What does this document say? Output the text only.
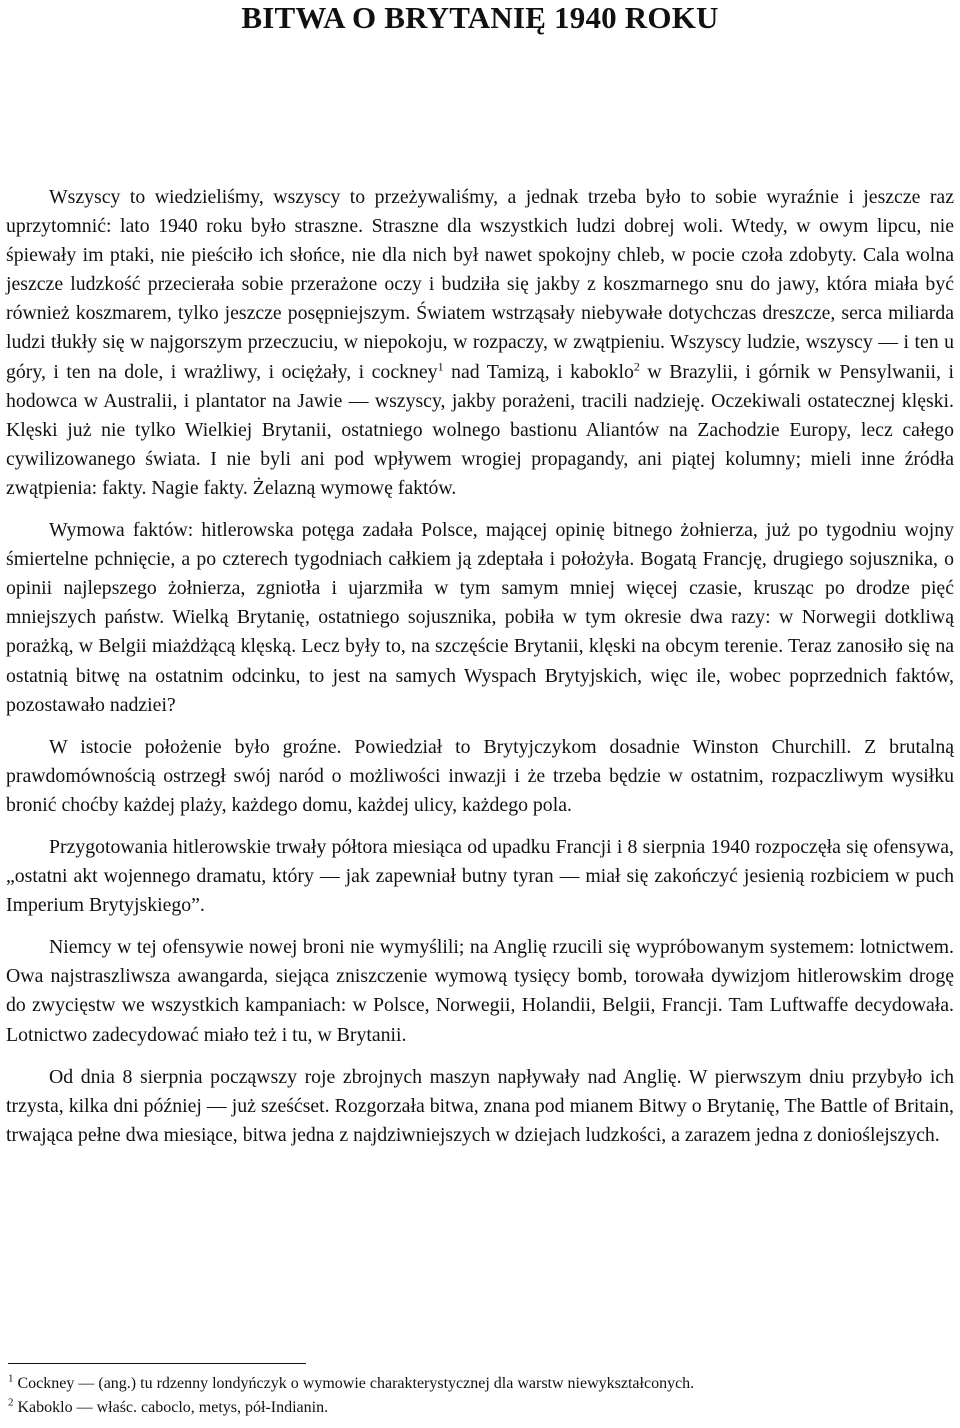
BITWA O BRYTANIĘ 1940 ROKU

Wszyscy to wiedzieliśmy, wszyscy to przeżywaliśmy, a jednak trzeba było to sobie wyraźnie i jeszcze raz uprzytomnić: lato 1940 roku było straszne. Straszne dla wszystkich ludzi dobrej woli. Wtedy, w owym lipcu, nie śpiewały im ptaki, nie pieściło ich słońce, nie dla nich był nawet spokojny chleb, w pocie czoła zdobyty. Cala wolna jeszcze ludzkość przecierała sobie przerażone oczy i budziła się jakby z koszmarnego snu do jawy, która miała być również koszmarem, tylko jeszcze posępniejszym. Światem wstrząsały niebywałe dotychczas dreszcze, serca miliarda ludzi tłukły się w najgorszym przeczuciu, w niepokoju, w rozpaczy, w zwątpieniu. Wszyscy ludzie, wszyscy — i ten u góry, i ten na dole, i wrażliwy, i ociężały, i cockney$^1$ nad Tamizą, i kaboklo$^2$ w Brazylii, i górnik w Pensylwanii, i hodowca w Australii, i plantator na Jawie — wszyscy, jakby porażeni, tracili nadzieję. Oczekiwali ostatecznej klęski. Klęski już nie tylko Wielkiej Brytanii, ostatniego wolnego bastionu Aliantów na Zachodzie Europy, lecz całego cywilizowanego świata. I nie byli ani pod wpływem wrogiej propagandy, ani piątej kolumny; mieli inne źródła zwątpienia: fakty. Nagie fakty. Żelazną wymowę faktów.

Wymowa faktów: hitlerowska potęga zadała Polsce, mającej opinię bitnego żołnierza, już po tygodniu wojny śmiertelne pchnięcie, a po czterech tygodniach całkiem ją zdeptała i położyła. Bogatą Francję, drugiego sojusznika, o opinii najlepszego żołnierza, zgniotła i ujarzmiła w tym samym mniej więcej czasie, krusząc po drodze pięć mniejszych państw. Wielką Brytanię, ostatniego sojusznika, pobiła w tym okresie dwa razy: w Norwegii dotkliwą porażką, w Belgii miażdżącą klęską. Lecz były to, na szczęście Brytanii, klęski na obcym terenie. Teraz zanosiło się na ostatnią bitwę na ostatnim odcinku, to jest na samych Wyspach Brytyjskich, więc ile, wobec poprzednich faktów, pozostawało nadziei?

W istocie położenie było groźne. Powiedział to Brytyjczykom dosadnie Winston Churchill. Z brutalną prawdomównością ostrzegł swój naród o możliwości inwazji i że trzeba będzie w ostatnim, rozpaczliwym wysiłku bronić choćby każdej plaży, każdego domu, każdej ulicy, każdego pola.

Przygotowania hitlerowskie trwały półtora miesiąca od upadku Francji i 8 sierpnia 1940 rozpoczęła się ofensywa, „ostatni akt wojennego dramatu, który — jak zapewniał butny tyran — miał się zakończyć jesienią rozbiciem w puch Imperium Brytyjskiego”.

Niemcy w tej ofensywie nowej broni nie wymyślili; na Anglię rzucili się wypróbowanym systemem: lotnictwem. Owa najstraszliwsza awangarda, siejąca zniszczenie wymową tysięcy bomb, torowała dywizjom hitlerowskim drogę do zwycięstw we wszystkich kampaniach: w Polsce, Norwegii, Holandii, Belgii, Francji. Tam Luftwaffe decydowała. Lotnictwo zadecydować miało też i tu, w Brytanii.

Od dnia 8 sierpnia począwszy roje zbrojnych maszyn napływały nad Anglię. W pierwszym dniu przybyło ich trzysta, kilka dni później — już sześćset. Rozgorzała bitwa, znana pod mianem Bitwy o Brytanię, The Battle of Britain, trwająca pełne dwa miesiące, bitwa jedna z najdziwniejszych w dziejach ludzkości, a zarazem jedna z donioślejszych.

$^1$ Cockney — (ang.) tu rdzenny londyńczyk o wymowie charakterystycznej dla warstw niewykształconych.

$^2$ Kaboklo — właśc. caboclo, metys, pół-Indianin.
